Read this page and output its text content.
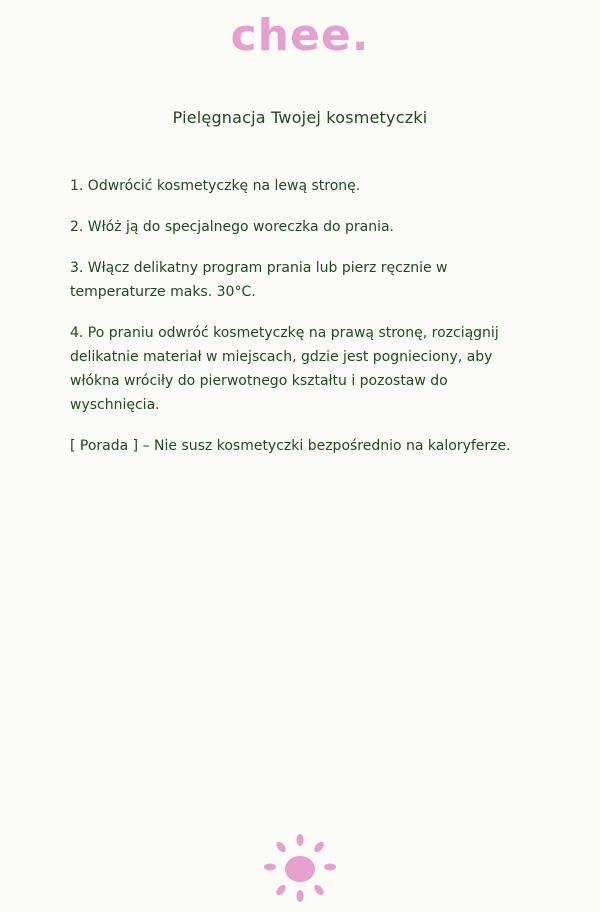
chee.
Pielęgnacja Twojej kosmetyczki

1. Odwrócić kosmetyczkę na lewą stronę.

2. Włóż ją do specjalnego woreczka do prania.

3. Włącz delikatny program prania lub pierz ręcznie w temperaturze maks. 30°C.

4. Po praniu odwróć kosmetyczkę na prawą stronę, rozciągnij delikatnie materiał w miejscach, gdzie jest pognieciony, aby włókna wróciły do pierwotnego kształtu i pozostaw do wyschnięcia.

[ Porada ] – Nie susz kosmetyczki bezpośrednio na kaloryferze.
